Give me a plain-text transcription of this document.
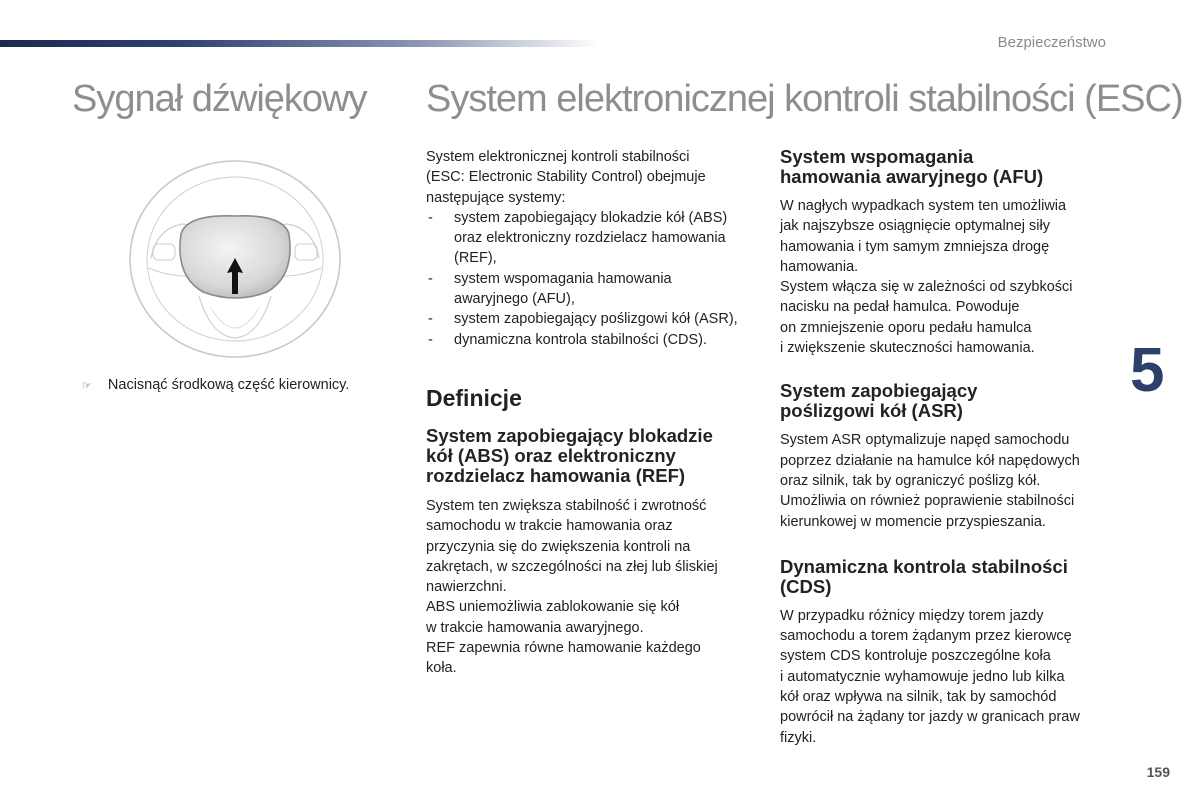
Bezpieczeństwo
Sygnał dźwiękowy System elektronicznej kontroli stabilności (ESC)
☞ Nacisnąć środkową część kierownicy.

System elektronicznej kontroli stabilności
(ESC: Electronic Stability Control) obejmuje
następujące systemy:

- system zapobiegający blokadzie kół (ABS)
oraz elektroniczny rozdzielacz hamowania
(REF),
- system wspomagania hamowania
awaryjnego (AFU),
- system zapobiegający poślizgowi kół (ASR),
- dynamiczna kontrola stabilności (CDS).
Definicje
System zapobiegający blokadzie
kół (ABS) oraz elektroniczny
rozdzielacz hamowania (REF)

System ten zwiększa stabilność i zwrotność
samochodu w trakcie hamowania oraz
przyczynia się do zwiększenia kontroli na
zakrętach, w szczególności na złej lub śliskiej
nawierzchni.
ABS uniemożliwia zablokowanie się kół
w trakcie hamowania awaryjnego.
REF zapewnia równe hamowanie każdego
koła.

System wspomagania
hamowania awaryjnego (AFU)

W nagłych wypadkach system ten umożliwia
jak najszybsze osiągnięcie optymalnej siły
hamowania i tym samym zmniejsza drogę
hamowania.
System włącza się w zależności od szybkości
nacisku na pedał hamulca. Powoduje
on zmniejszenie oporu pedału hamulca
i zwiększenie skuteczności hamowania.

System zapobiegający
poślizgowi kół (ASR)

System ASR optymalizuje napęd samochodu
poprzez działanie na hamulce kół napędowych
oraz silnik, tak by ograniczyć poślizg kół.
Umożliwia on również poprawienie stabilności
kierunkowej w momencie przyspieszania.

Dynamiczna kontrola stabilności
(CDS)

W przypadku różnicy między torem jazdy
samochodu a torem żądanym przez kierowcę
system CDS kontroluje poszczególne koła
i automatycznie wyhamowuje jedno lub kilka
kół oraz wpływa na silnik, tak by samochód
powrócił na żądany tor jazdy w granicach praw
fizyki.

5
159
